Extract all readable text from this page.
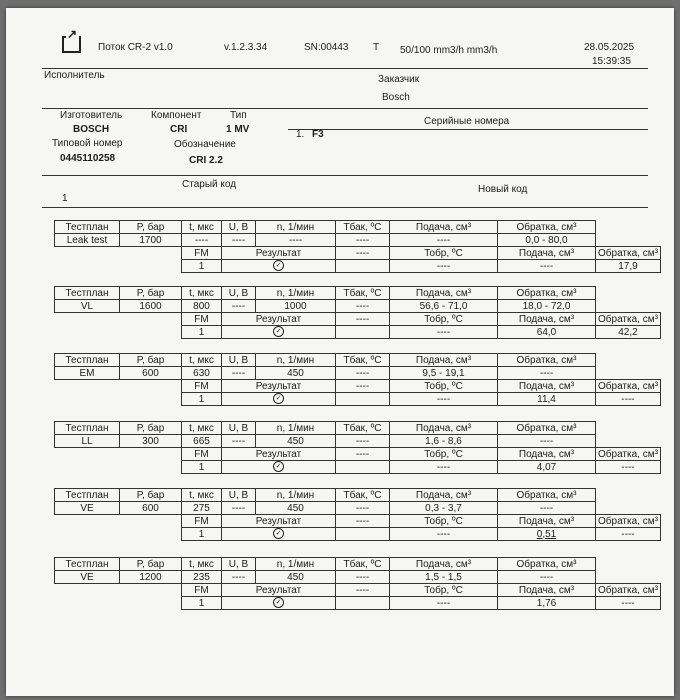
↗
Поток CR-2 v1.0	v.1.2.3.34	SN:00443 T 50/100 mm3/h mm3/h	28.05.2025
15:39:35
Исполнитель	Заказчик
Bosch
Изготовитель	Компонент	Тип
BOSCH	CRI	1 MV
Типовой номер	Обозначение
0445110258	CRI 2.2
Серийные номера
1. F3
Старый код	Новый код
1
Тестплан	P, бар	t, мкс	U, B	n, 1/мин	Тбак, ºC	Подача, см³	Обратка, см³	
Leak test	1700	----	----	----	----	----	0,0 - 80,0	
		FM	Результат		----	Тобр, ºC	Подача, см³	Обратка, см³
		1	✓			----	----	17,9
Тестплан	P, бар	t, мкс	U, B	n, 1/мин	Тбак, ºC	Подача, см³	Обратка, см³	
VL	1600	800	----	1000	----	56,6 - 71,0	18,0 - 72,0	
		FM	Результат		----	Тобр, ºC	Подача, см³	Обратка, см³
		1	✓			----	64,0	42,2
Тестплан	P, бар	t, мкс	U, B	n, 1/мин	Тбак, ºC	Подача, см³	Обратка, см³	
EM	600	630	----	450	----	9,5 - 19,1	----	
		FM	Результат		----	Тобр, ºC	Подача, см³	Обратка, см³
		1	✓			----	11,4	----
Тестплан	P, бар	t, мкс	U, B	n, 1/мин	Тбак, ºC	Подача, см³	Обратка, см³	
LL	300	665	----	450	----	1,6 - 8,6	----	
		FM	Результат		----	Тобр, ºC	Подача, см³	Обратка, см³
		1	✓			----	4,07	----
Тестплан	P, бар	t, мкс	U, B	n, 1/мин	Тбак, ºC	Подача, см³	Обратка, см³	
VE	600	275	----	450	----	0,3 - 3,7	----	
		FM	Результат		----	Тобр, ºC	Подача, см³	Обратка, см³
		1	✓			----	0,51	----
Тестплан	P, бар	t, мкс	U, B	n, 1/мин	Тбак, ºC	Подача, см³	Обратка, см³	
VE	1200	235	----	450	----	1,5 - 1,5	----	
		FM	Результат		----	Тобр, ºC	Подача, см³	Обратка, см³
		1	✓			----	1,76	----
